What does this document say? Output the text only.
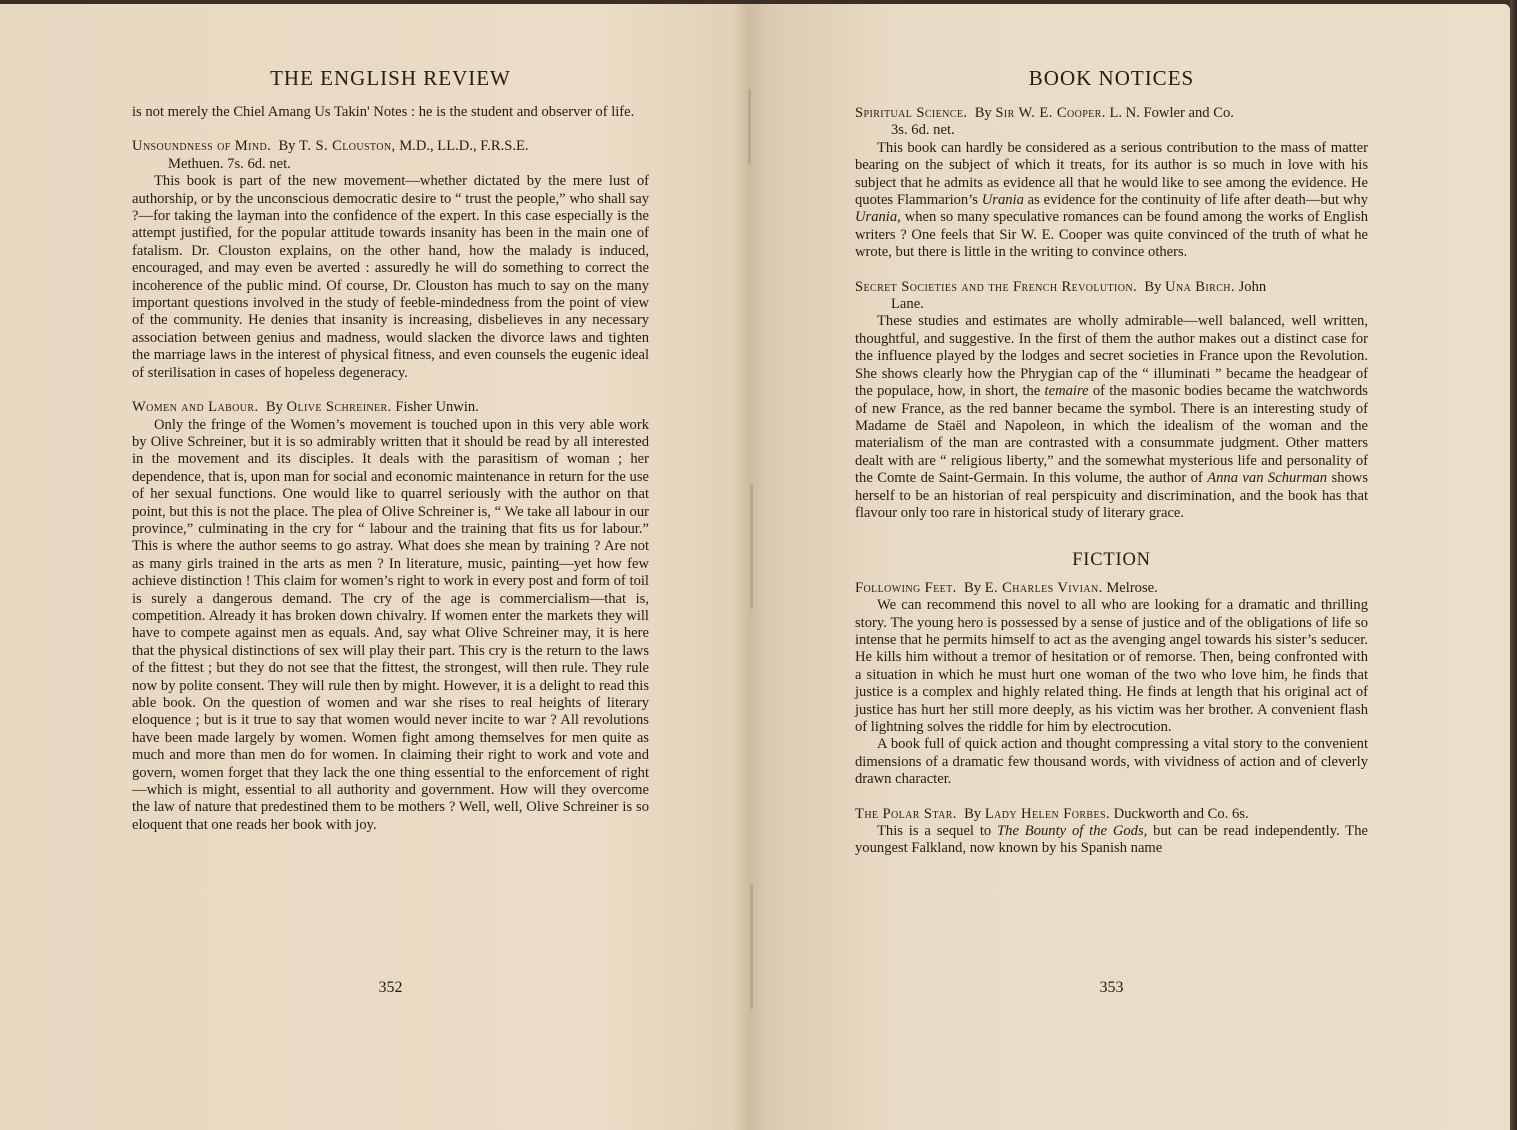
THE ENGLISH REVIEW

is not merely the Chiel Amang Us Takin' Notes : he is the student and observer of life.

Unsoundness of Mind. By T. S. Clouston, M.D., LL.D., F.R.S.E.
Methuen. 7s. 6d. net.

This book is part of the new movement—whether dictated by the mere lust of authorship, or by the unconscious democratic desire to “ trust the people,” who shall say ?—for taking the layman into the confidence of the expert. In this case especially is the attempt justified, for the popular attitude towards insanity has been in the main one of fatalism. Dr. Clouston explains, on the other hand, how the malady is induced, encouraged, and may even be averted : assuredly he will do something to correct the incoherence of the public mind. Of course, Dr. Clouston has much to say on the many important questions involved in the study of feeble-mindedness from the point of view of the community. He denies that insanity is increasing, disbelieves in any necessary association between genius and madness, would slacken the divorce laws and tighten the marriage laws in the interest of physical fitness, and even counsels the eugenic ideal of sterilisation in cases of hopeless degeneracy.

Women and Labour. By Olive Schreiner. Fisher Unwin.

Only the fringe of the Women’s movement is touched upon in this very able work by Olive Schreiner, but it is so admirably written that it should be read by all interested in the movement and its disciples. It deals with the parasitism of woman ; her dependence, that is, upon man for social and economic maintenance in return for the use of her sexual functions. One would like to quarrel seriously with the author on that point, but this is not the place. The plea of Olive Schreiner is, “ We take all labour in our province,” culminating in the cry for “ labour and the training that fits us for labour.” This is where the author seems to go astray. What does she mean by training ? Are not as many girls trained in the arts as men ? In literature, music, painting—yet how few achieve distinction ! This claim for women’s right to work in every post and form of toil is surely a dangerous demand. The cry of the age is commercialism—that is, competition. Already it has broken down chivalry. If women enter the markets they will have to compete against men as equals. And, say what Olive Schreiner may, it is here that the physical distinctions of sex will play their part. This cry is the return to the laws of the fittest ; but they do not see that the fittest, the strongest, will then rule. They rule now by polite consent. They will rule then by might. However, it is a delight to read this able book. On the question of women and war she rises to real heights of literary eloquence ; but is it true to say that women would never incite to war ? All revolutions have been made largely by women. Women fight among themselves for men quite as much and more than men do for women. In claiming their right to work and vote and govern, women forget that they lack the one thing essential to the enforcement of right—which is might, essential to all authority and government. How will they overcome the law of nature that predestined them to be mothers ? Well, well, Olive Schreiner is so eloquent that one reads her book with joy.

352
BOOK NOTICES
Spiritual Science. By Sir W. E. Cooper. L. N. Fowler and Co.
3s. 6d. net.

This book can hardly be considered as a serious contribution to the mass of matter bearing on the subject of which it treats, for its author is so much in love with his subject that he admits as evidence all that he would like to see among the evidence. He quotes Flammarion’s Urania as evidence for the continuity of life after death—but why Urania, when so many speculative romances can be found among the works of English writers ? One feels that Sir W. E. Cooper was quite convinced of the truth of what he wrote, but there is little in the writing to convince others.

Secret Societies and the French Revolution. By Una Birch. John
Lane.

These studies and estimates are wholly admirable—well balanced, well written, thoughtful, and suggestive. In the first of them the author makes out a distinct case for the influence played by the lodges and secret societies in France upon the Revolution. She shows clearly how the Phrygian cap of the “ illuminati ” became the headgear of the populace, how, in short, the temaire of the masonic bodies became the watchwords of new France, as the red banner became the symbol. There is an interesting study of Madame de Staël and Napoleon, in which the idealism of the woman and the materialism of the man are contrasted with a consummate judgment. Other matters dealt with are “ religious liberty,” and the somewhat mysterious life and personality of the Comte de Saint-Germain. In this volume, the author of Anna van Schurman shows herself to be an historian of real perspicuity and discrimination, and the book has that flavour only too rare in historical study of literary grace.

FICTION
Following Feet. By E. Charles Vivian. Melrose.

We can recommend this novel to all who are looking for a dramatic and thrilling story. The young hero is possessed by a sense of justice and of the obligations of life so intense that he permits himself to act as the avenging angel towards his sister’s seducer. He kills him without a tremor of hesitation or of remorse. Then, being confronted with a situation in which he must hurt one woman of the two who love him, he finds that justice is a complex and highly related thing. He finds at length that his original act of justice has hurt her still more deeply, as his victim was her brother. A convenient flash of lightning solves the riddle for him by electrocution.

A book full of quick action and thought compressing a vital story to the convenient dimensions of a dramatic few thousand words, with vividness of action and of cleverly drawn character.

The Polar Star. By Lady Helen Forbes. Duckworth and Co. 6s.

This is a sequel to The Bounty of the Gods, but can be read independently. The youngest Falkland, now known by his Spanish name

353
